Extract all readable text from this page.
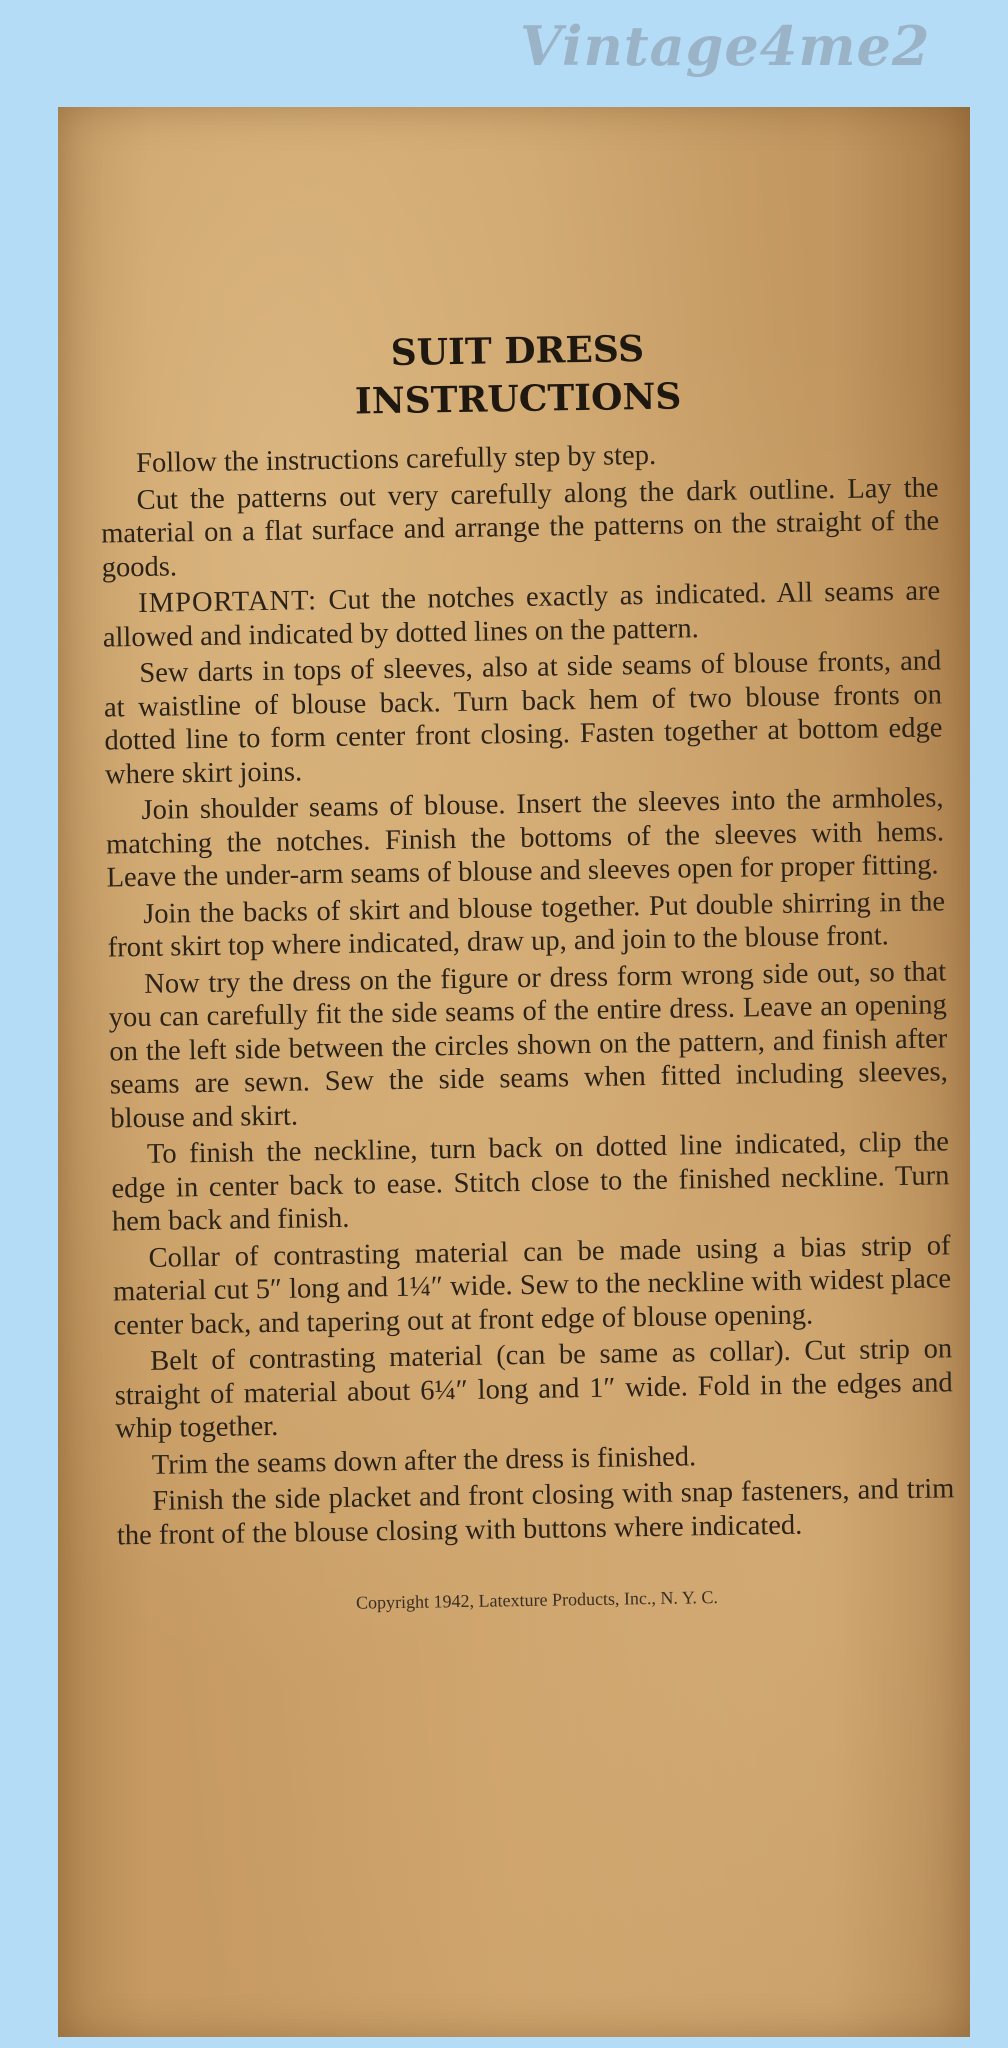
Vintage4me2
SUIT DRESS
INSTRUCTIONS

Follow the instructions carefully step by step.

Cut the patterns out very carefully along the dark outline. Lay the material on a flat surface and arrange the patterns on the straight of the goods.

IMPORTANT: Cut the notches exactly as indicated. All seams are allowed and indicated by dotted lines on the pattern.

Sew darts in tops of sleeves, also at side seams of blouse fronts, and at waistline of blouse back. Turn back hem of two blouse fronts on dotted line to form center front closing. Fasten together at bottom edge where skirt joins.

Join shoulder seams of blouse. Insert the sleeves into the armholes, matching the notches. Finish the bottoms of the sleeves with hems. Leave the under-arm seams of blouse and sleeves open for proper fitting.

Join the backs of skirt and blouse together. Put double shirring in the front skirt top where indicated, draw up, and join to the blouse front.

Now try the dress on the figure or dress form wrong side out, so that you can carefully fit the side seams of the entire dress. Leave an opening on the left side between the circles shown on the pattern, and finish after seams are sewn. Sew the side seams when fitted including sleeves, blouse and skirt.

To finish the neckline, turn back on dotted line indicated, clip the edge in center back to ease. Stitch close to the finished neckline. Turn hem back and finish.

Collar of contrasting material can be made using a bias strip of material cut 5″ long and 1¼″ wide. Sew to the neckline with widest place center back, and tapering out at front edge of blouse opening.

Belt of contrasting material (can be same as collar). Cut strip on straight of material about 6¼″ long and 1″ wide. Fold in the edges and whip together.

Trim the seams down after the dress is finished.

Finish the side placket and front closing with snap fasteners, and trim the front of the blouse closing with buttons where indicated.

Copyright 1942, Latexture Products, Inc., N. Y. C.
